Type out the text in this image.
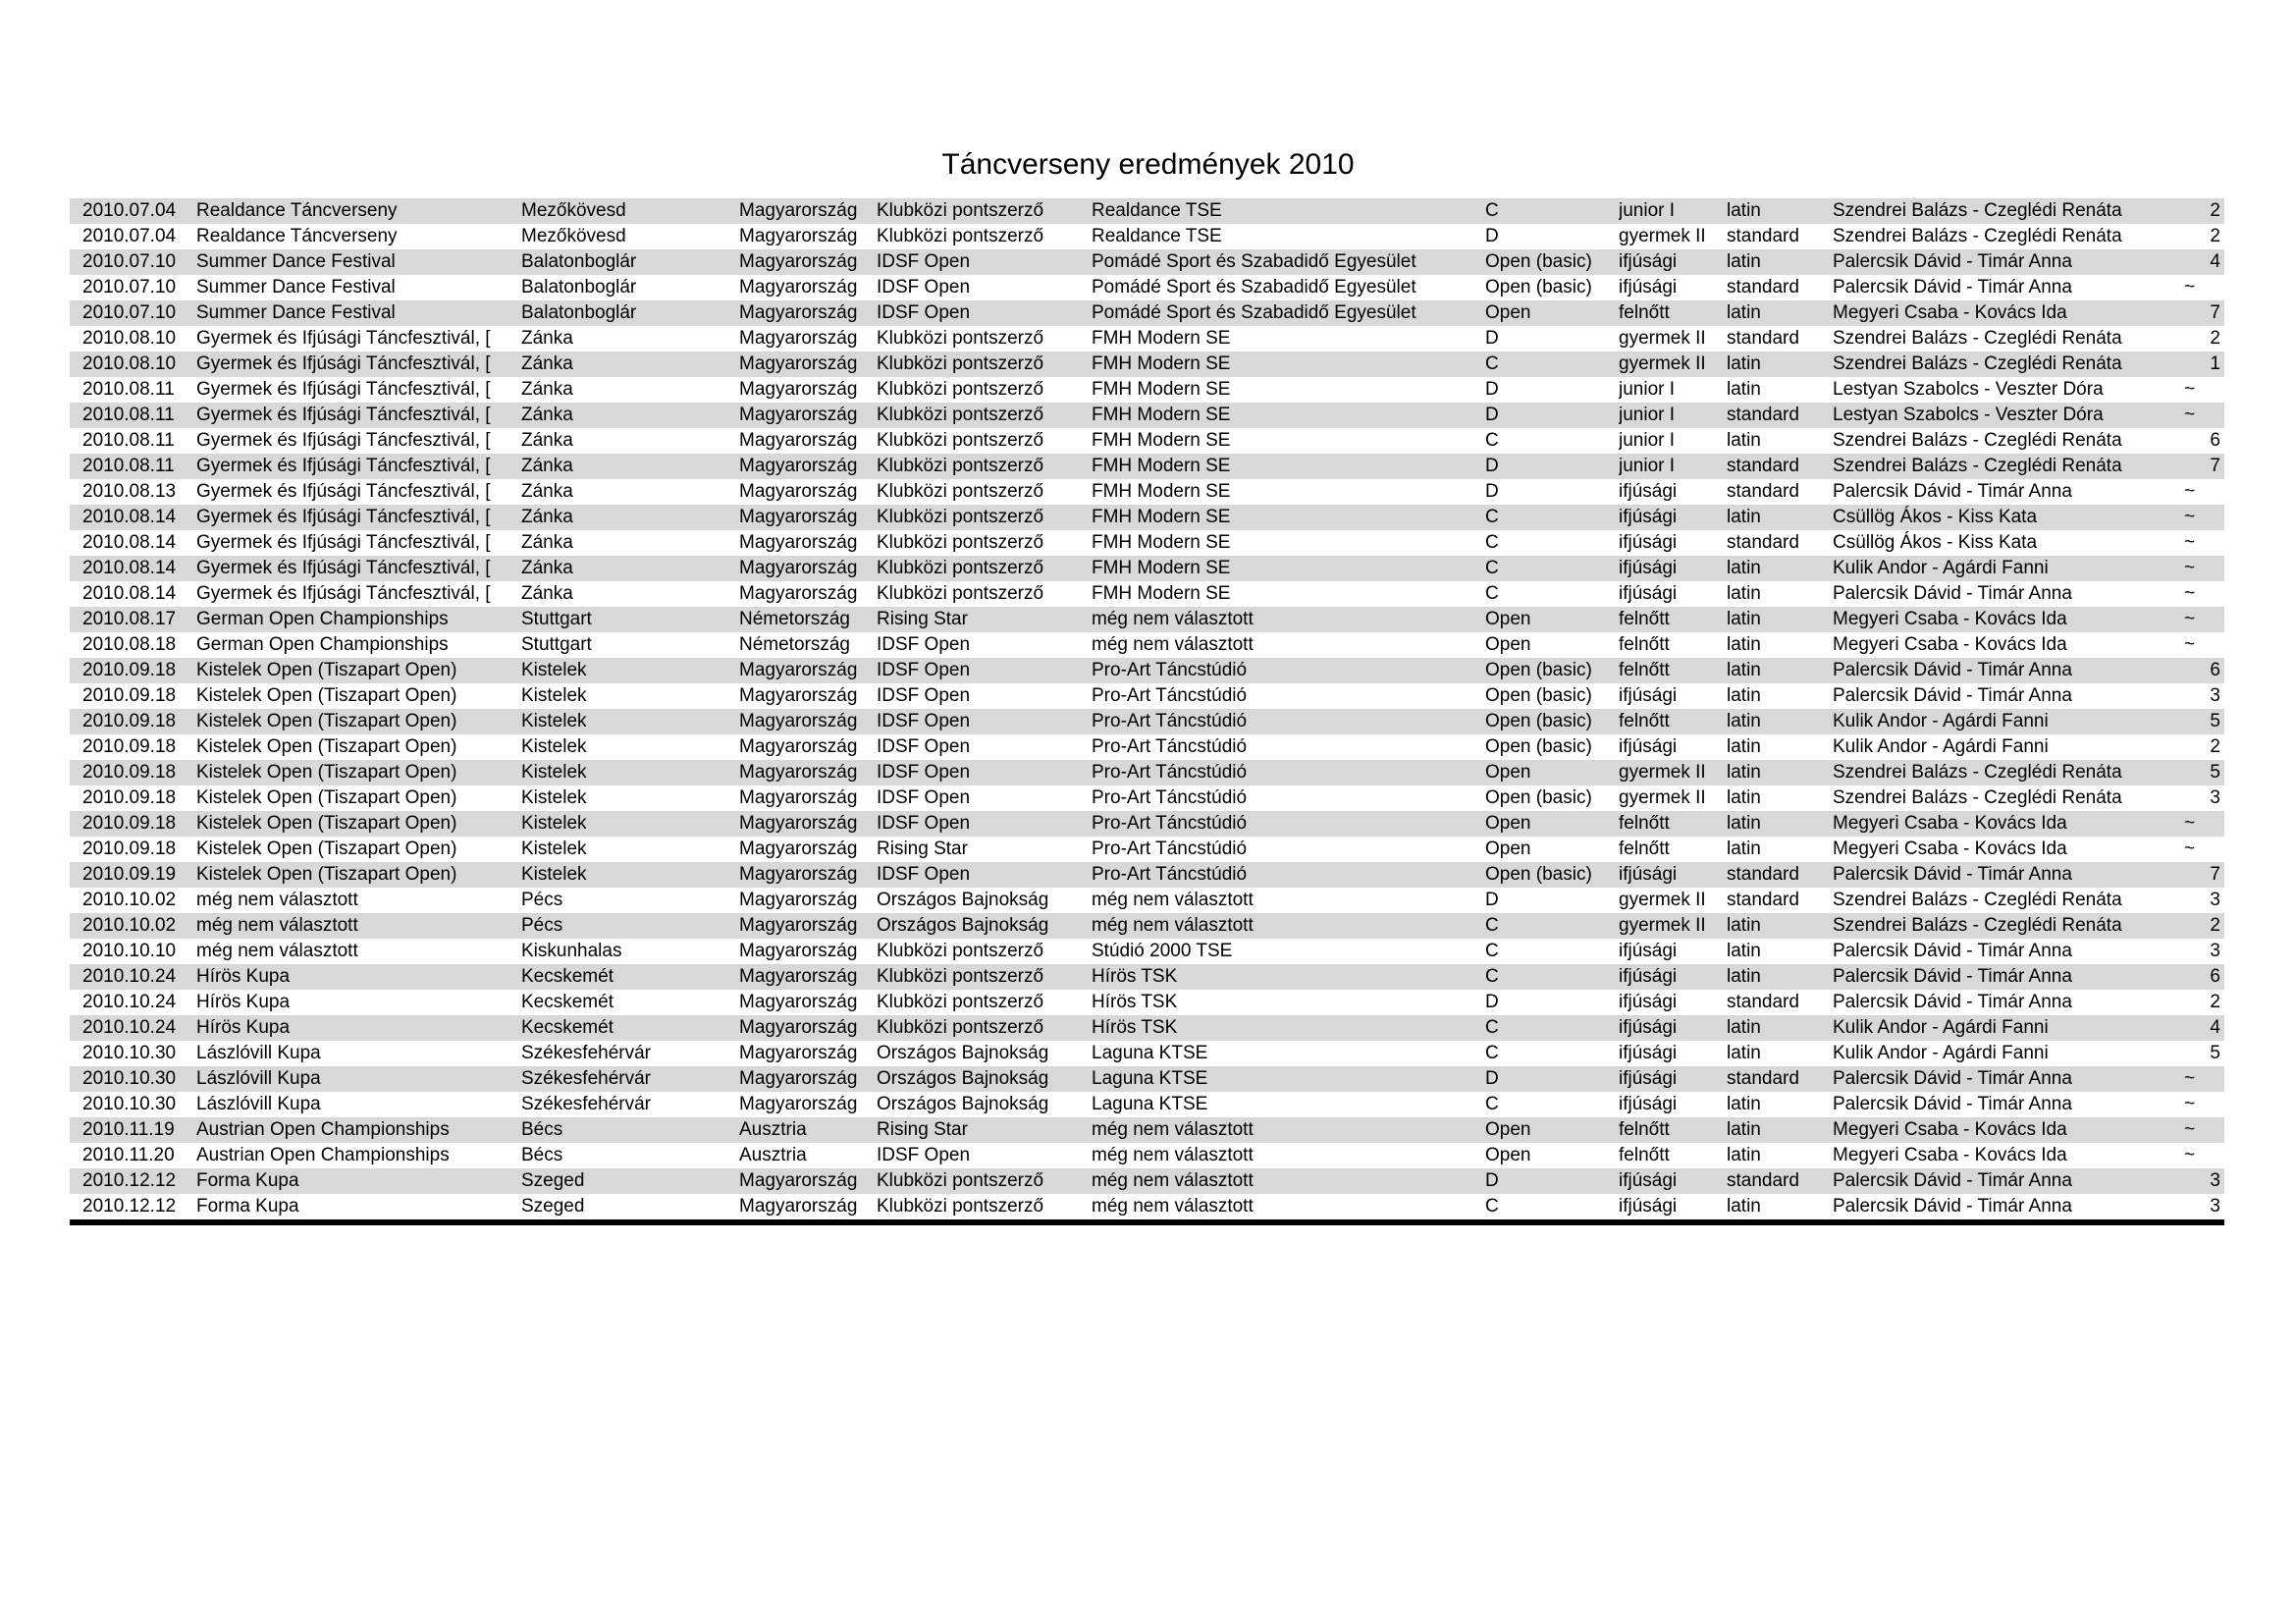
Táncverseny eredmények 2010
2010.07.04	Realdance Táncverseny	Mezőkövesd	Magyarország	Klubközi pontszerző	Realdance TSE	C	junior I	latin	Szendrei Balázs - Czeglédi Renáta	2
2010.07.04	Realdance Táncverseny	Mezőkövesd	Magyarország	Klubközi pontszerző	Realdance TSE	D	gyermek II	standard	Szendrei Balázs - Czeglédi Renáta	2
2010.07.10	Summer Dance Festival	Balatonboglár	Magyarország	IDSF Open	Pomádé Sport és Szabadidő Egyesület	Open (basic)	ifjúsági	latin	Palercsik Dávid - Timár Anna	4
2010.07.10	Summer Dance Festival	Balatonboglár	Magyarország	IDSF Open	Pomádé Sport és Szabadidő Egyesület	Open (basic)	ifjúsági	standard	Palercsik Dávid - Timár Anna	~
2010.07.10	Summer Dance Festival	Balatonboglár	Magyarország	IDSF Open	Pomádé Sport és Szabadidő Egyesület	Open	felnőtt	latin	Megyeri Csaba - Kovács Ida	7
2010.08.10	Gyermek és Ifjúsági Táncfesztivál, [	Zánka	Magyarország	Klubközi pontszerző	FMH Modern SE	D	gyermek II	standard	Szendrei Balázs - Czeglédi Renáta	2
2010.08.10	Gyermek és Ifjúsági Táncfesztivál, [	Zánka	Magyarország	Klubközi pontszerző	FMH Modern SE	C	gyermek II	latin	Szendrei Balázs - Czeglédi Renáta	1
2010.08.11	Gyermek és Ifjúsági Táncfesztivál, [	Zánka	Magyarország	Klubközi pontszerző	FMH Modern SE	D	junior I	latin	Lestyan Szabolcs - Veszter Dóra	~
2010.08.11	Gyermek és Ifjúsági Táncfesztivál, [	Zánka	Magyarország	Klubközi pontszerző	FMH Modern SE	D	junior I	standard	Lestyan Szabolcs - Veszter Dóra	~
2010.08.11	Gyermek és Ifjúsági Táncfesztivál, [	Zánka	Magyarország	Klubközi pontszerző	FMH Modern SE	C	junior I	latin	Szendrei Balázs - Czeglédi Renáta	6
2010.08.11	Gyermek és Ifjúsági Táncfesztivál, [	Zánka	Magyarország	Klubközi pontszerző	FMH Modern SE	D	junior I	standard	Szendrei Balázs - Czeglédi Renáta	7
2010.08.13	Gyermek és Ifjúsági Táncfesztivál, [	Zánka	Magyarország	Klubközi pontszerző	FMH Modern SE	D	ifjúsági	standard	Palercsik Dávid - Timár Anna	~
2010.08.14	Gyermek és Ifjúsági Táncfesztivál, [	Zánka	Magyarország	Klubközi pontszerző	FMH Modern SE	C	ifjúsági	latin	Csüllög Ákos - Kiss Kata	~
2010.08.14	Gyermek és Ifjúsági Táncfesztivál, [	Zánka	Magyarország	Klubközi pontszerző	FMH Modern SE	C	ifjúsági	standard	Csüllög Ákos - Kiss Kata	~
2010.08.14	Gyermek és Ifjúsági Táncfesztivál, [	Zánka	Magyarország	Klubközi pontszerző	FMH Modern SE	C	ifjúsági	latin	Kulik Andor - Agárdi Fanni	~
2010.08.14	Gyermek és Ifjúsági Táncfesztivál, [	Zánka	Magyarország	Klubközi pontszerző	FMH Modern SE	C	ifjúsági	latin	Palercsik Dávid - Timár Anna	~
2010.08.17	German Open Championships	Stuttgart	Németország	Rising Star	még nem választott	Open	felnőtt	latin	Megyeri Csaba - Kovács Ida	~
2010.08.18	German Open Championships	Stuttgart	Németország	IDSF Open	még nem választott	Open	felnőtt	latin	Megyeri Csaba - Kovács Ida	~
2010.09.18	Kistelek Open (Tiszapart Open)	Kistelek	Magyarország	IDSF Open	Pro-Art Táncstúdió	Open (basic)	felnőtt	latin	Palercsik Dávid - Timár Anna	6
2010.09.18	Kistelek Open (Tiszapart Open)	Kistelek	Magyarország	IDSF Open	Pro-Art Táncstúdió	Open (basic)	ifjúsági	latin	Palercsik Dávid - Timár Anna	3
2010.09.18	Kistelek Open (Tiszapart Open)	Kistelek	Magyarország	IDSF Open	Pro-Art Táncstúdió	Open (basic)	felnőtt	latin	Kulik Andor - Agárdi Fanni	5
2010.09.18	Kistelek Open (Tiszapart Open)	Kistelek	Magyarország	IDSF Open	Pro-Art Táncstúdió	Open (basic)	ifjúsági	latin	Kulik Andor - Agárdi Fanni	2
2010.09.18	Kistelek Open (Tiszapart Open)	Kistelek	Magyarország	IDSF Open	Pro-Art Táncstúdió	Open	gyermek II	latin	Szendrei Balázs - Czeglédi Renáta	5
2010.09.18	Kistelek Open (Tiszapart Open)	Kistelek	Magyarország	IDSF Open	Pro-Art Táncstúdió	Open (basic)	gyermek II	latin	Szendrei Balázs - Czeglédi Renáta	3
2010.09.18	Kistelek Open (Tiszapart Open)	Kistelek	Magyarország	IDSF Open	Pro-Art Táncstúdió	Open	felnőtt	latin	Megyeri Csaba - Kovács Ida	~
2010.09.18	Kistelek Open (Tiszapart Open)	Kistelek	Magyarország	Rising Star	Pro-Art Táncstúdió	Open	felnőtt	latin	Megyeri Csaba - Kovács Ida	~
2010.09.19	Kistelek Open (Tiszapart Open)	Kistelek	Magyarország	IDSF Open	Pro-Art Táncstúdió	Open (basic)	ifjúsági	standard	Palercsik Dávid - Timár Anna	7
2010.10.02	még nem választott	Pécs	Magyarország	Országos Bajnokság	még nem választott	D	gyermek II	standard	Szendrei Balázs - Czeglédi Renáta	3
2010.10.02	még nem választott	Pécs	Magyarország	Országos Bajnokság	még nem választott	C	gyermek II	latin	Szendrei Balázs - Czeglédi Renáta	2
2010.10.10	még nem választott	Kiskunhalas	Magyarország	Klubközi pontszerző	Stúdió 2000 TSE	C	ifjúsági	latin	Palercsik Dávid - Timár Anna	3
2010.10.24	Hírös Kupa	Kecskemét	Magyarország	Klubközi pontszerző	Hírös TSK	C	ifjúsági	latin	Palercsik Dávid - Timár Anna	6
2010.10.24	Hírös Kupa	Kecskemét	Magyarország	Klubközi pontszerző	Hírös TSK	D	ifjúsági	standard	Palercsik Dávid - Timár Anna	2
2010.10.24	Hírös Kupa	Kecskemét	Magyarország	Klubközi pontszerző	Hírös TSK	C	ifjúsági	latin	Kulik Andor - Agárdi Fanni	4
2010.10.30	Lászlóvill Kupa	Székesfehérvár	Magyarország	Országos Bajnokság	Laguna KTSE	C	ifjúsági	latin	Kulik Andor - Agárdi Fanni	5
2010.10.30	Lászlóvill Kupa	Székesfehérvár	Magyarország	Országos Bajnokság	Laguna KTSE	D	ifjúsági	standard	Palercsik Dávid - Timár Anna	~
2010.10.30	Lászlóvill Kupa	Székesfehérvár	Magyarország	Országos Bajnokság	Laguna KTSE	C	ifjúsági	latin	Palercsik Dávid - Timár Anna	~
2010.11.19	Austrian Open Championships	Bécs	Ausztria	Rising Star	még nem választott	Open	felnőtt	latin	Megyeri Csaba - Kovács Ida	~
2010.11.20	Austrian Open Championships	Bécs	Ausztria	IDSF Open	még nem választott	Open	felnőtt	latin	Megyeri Csaba - Kovács Ida	~
2010.12.12	Forma Kupa	Szeged	Magyarország	Klubközi pontszerző	még nem választott	D	ifjúsági	standard	Palercsik Dávid - Timár Anna	3
2010.12.12	Forma Kupa	Szeged	Magyarország	Klubközi pontszerző	még nem választott	C	ifjúsági	latin	Palercsik Dávid - Timár Anna	3
